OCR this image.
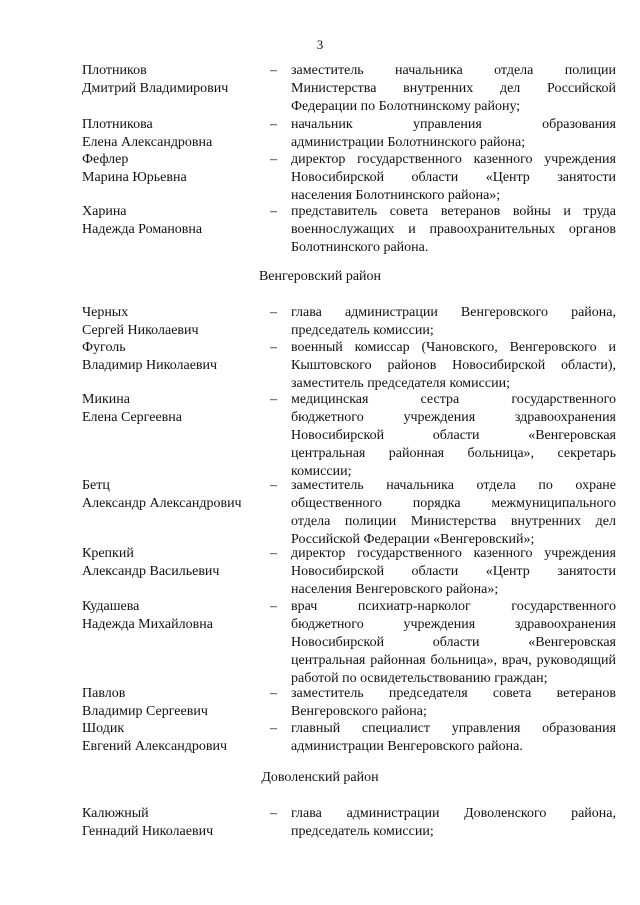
3
Плотников
Дмитрий Владимирович
–	заместитель начальника отдела полиции
Министерства внутренних дел Российской
Федерации по Болотнинскому району;
Плотникова
Елена Александровна
–	начальник управления образования
администрации Болотнинского района;
Фефлер
Марина Юрьевна
–	директор государственного казенного учреждения
Новосибирской области «Центр занятости
населения Болотнинского района»;
Харина
Надежда Романовна
–	представитель совета ветеранов войны и труда
военнослужащих и правоохранительных органов
Болотнинского района.
Венгеровский район
Черных
Сергей Николаевич
–	глава администрации Венгеровского района,
председатель комиссии;
Фуголь
Владимир Николаевич
–	военный комиссар (Чановского, Венгеровского и
Кыштовского районов Новосибирской области),
заместитель председателя комиссии;
Микина
Елена Сергеевна
–	медицинская сестра государственного
бюджетного учреждения здравоохранения
Новосибирской области «Венгеровская
центральная районная больница», секретарь
комиссии;
Бетц
Александр Александрович
–	заместитель начальника отдела по охране
общественного порядка межмуниципального
отдела полиции Министерства внутренних дел
Российской Федерации «Венгеровский»;
Крепкий
Александр Васильевич
–	директор государственного казенного учреждения
Новосибирской области «Центр занятости
населения Венгеровского района»;
Кудашева
Надежда Михайловна
–	врач психиатр-нарколог государственного
бюджетного учреждения здравоохранения
Новосибирской области «Венгеровская
центральная районная больница», врач, руководящий
работой по освидетельствованию граждан;
Павлов
Владимир Сергеевич
–	заместитель председателя совета ветеранов
Венгеровского района;
Шодик
Евгений Александрович
–	главный специалист управления образования
администрации Венгеровского района.
Доволенский район
Калюжный
Геннадий Николаевич
–	глава администрации Доволенского района,
председатель комиссии;
